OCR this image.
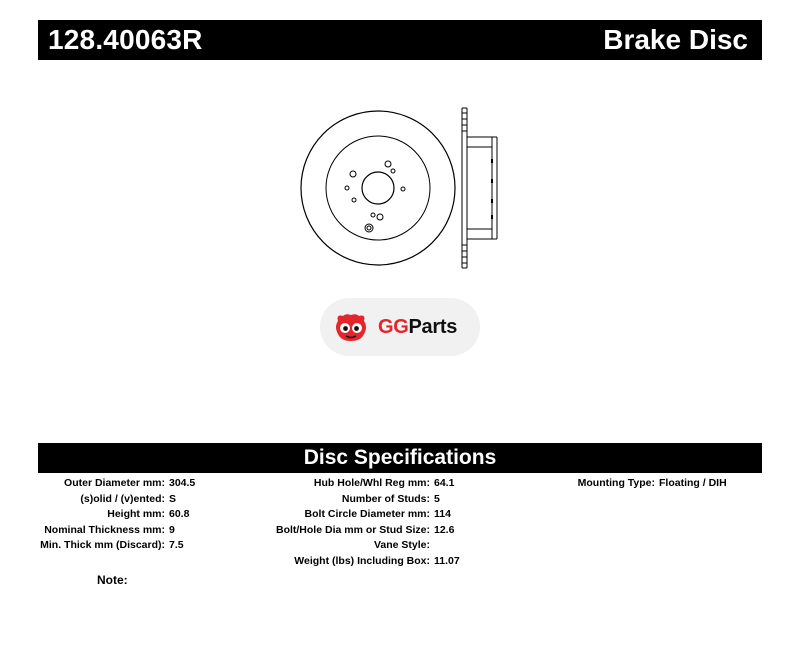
128.40063R	Brake Disc
GGParts
Disc Specifications
Outer Diameter mm: 304.5
(s)olid / (v)ented: S
Height mm: 60.8
Nominal Thickness mm: 9
Min. Thick mm (Discard): 7.5
Hub Hole/Whl Reg mm: 64.1
Number of Studs: 5
Bolt Circle Diameter mm: 114
Bolt/Hole Dia mm or Stud Size: 12.6
Vane Style:
Weight (lbs) Including Box: 11.07
Mounting Type: Floating / DIH
Note:
